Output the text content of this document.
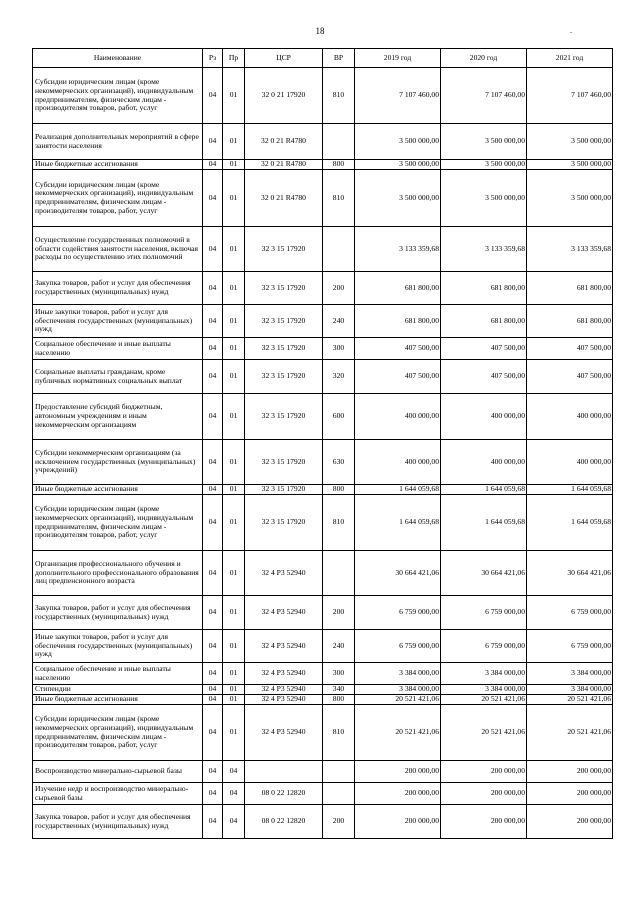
18	.
Наименование	Рз	Пр	ЦСР	ВР	2019 год	2020 год	2021 год
Субсидии юридическим лицам (кроме некоммерческих организаций), индивидуальным предпринимателям, физическим лицам - производителям товаров, работ, услуг	04	01	32 0 21 17920	810	7 107 460,00	7 107 460,00	7 107 460,00
Реализация дополнительных мероприятий в сфере занятости населения	04	01	32 0 21 R4780		3 500 000,00	3 500 000,00	3 500 000,00
Иные бюджетные ассигнования	04	01	32 0 21 R4780	800	3 500 000,00	3 500 000,00	3 500 000,00
Субсидии юридическим лицам (кроме некоммерческих организаций), индивидуальным предпринимателям, физическим лицам - производителям товаров, работ, услуг	04	01	32 0 21 R4780	810	3 500 000,00	3 500 000,00	3 500 000,00
Осуществление государственных полномочий в области содействия занятости населения, включая расходы по осуществлению этих полномочий	04	01	32 3 15 17920		3 133 359,68	3 133 359,68	3 133 359,68
Закупка товаров, работ и услуг для обеспечения государственных (муниципальных) нужд	04	01	32 3 15 17920	200	681 800,00	681 800,00	681 800,00
Иные закупки товаров, работ и услуг для обеспечения государственных (муниципальных) нужд	04	01	32 3 15 17920	240	681 800,00	681 800,00	681 800,00
Социальное обеспечение и иные выплаты населению	04	01	32 3 15 17920	300	407 500,00	407 500,00	407 500,00
Социальные выплаты гражданам, кроме публичных нормативных социальных выплат	04	01	32 3 15 17920	320	407 500,00	407 500,00	407 500,00
Предоставление субсидий бюджетным, автономным учреждениям и иным некоммерческим организациям	04	01	32 3 15 17920	600	400 000,00	400 000,00	400 000,00
Субсидии некоммерческим организациям (за исключением государственных (муниципальных) учреждений)	04	01	32 3 15 17920	630	400 000,00	400 000,00	400 000,00
Иные бюджетные ассигнования	04	01	32 3 15 17920	800	1 644 059,68	1 644 059,68	1 644 059,68
Субсидии юридическим лицам (кроме некоммерческих организаций), индивидуальным предпринимателям, физическим лицам - производителям товаров, работ, услуг	04	01	32 3 15 17920	810	1 644 059,68	1 644 059,68	1 644 059,68
Организация профессионального обучения и дополнительного профессионального образования лиц предпенсионного возраста	04	01	32 4 P3 52940		30 664 421,06	30 664 421,06	30 664 421,06
Закупка товаров, работ и услуг для обеспечения государственных (муниципальных) нужд	04	01	32 4 P3 52940	200	6 759 000,00	6 759 000,00	6 759 000,00
Иные закупки товаров, работ и услуг для обеспечения государственных (муниципальных) нужд	04	01	32 4 P3 52940	240	6 759 000,00	6 759 000,00	6 759 000,00
Социальное обеспечение и иные выплаты населению	04	01	32 4 P3 52940	300	3 384 000,00	3 384 000,00	3 384 000,00
Стипендии	04	01	32 4 P3 52940	340	3 384 000,00	3 384 000,00	3 384 000,00
Иные бюджетные ассигнования	04	01	32 4 P3 52940	800	20 521 421,06	20 521 421,06	20 521 421,06
Субсидии юридическим лицам (кроме некоммерческих организаций), индивидуальным предпринимателям, физическим лицам - производителям товаров, работ, услуг	04	01	32 4 P3 52940	810	20 521 421,06	20 521 421,06	20 521 421,06
Воспроизводство минерально-сырьевой базы	04	04			200 000,00	200 000,00	200 000,00
Изучение недр и воспроизводство минерально-сырьевой базы	04	04	08 0 22 12820		200 000,00	200 000,00	200 000,00
Закупка товаров, работ и услуг для обеспечения государственных (муниципальных) нужд	04	04	08 0 22 12820	200	200 000,00	200 000,00	200 000,00
